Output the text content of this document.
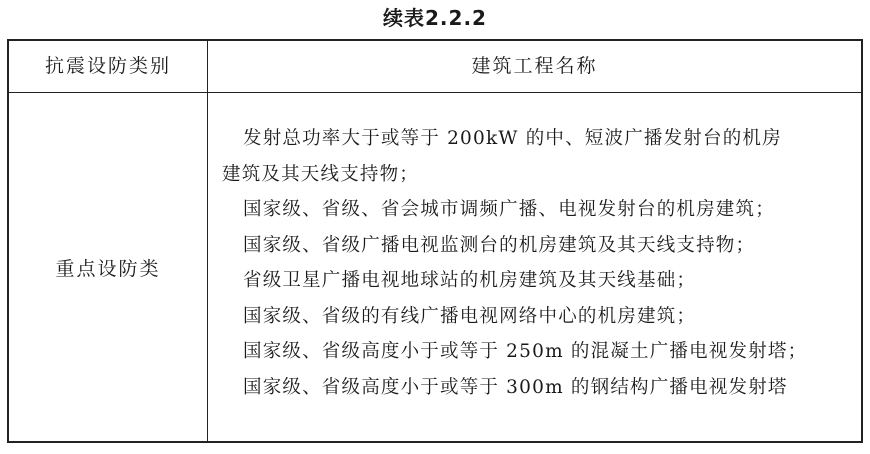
续表2.2.2
抗震设防类别	建筑工程名称
重点设防类
发射总功率大于或等于 200kW 的中、短波广播发射台的机房
建筑及其天线支持物；
国家级、省级、省会城市调频广播、电视发射台的机房建筑；
国家级、省级广播电视监测台的机房建筑及其天线支持物；
省级卫星广播电视地球站的机房建筑及其天线基础；
国家级、省级的有线广播电视网络中心的机房建筑；
国家级、省级高度小于或等于 250m 的混凝土广播电视发射塔；
国家级、省级高度小于或等于 300m 的钢结构广播电视发射塔
